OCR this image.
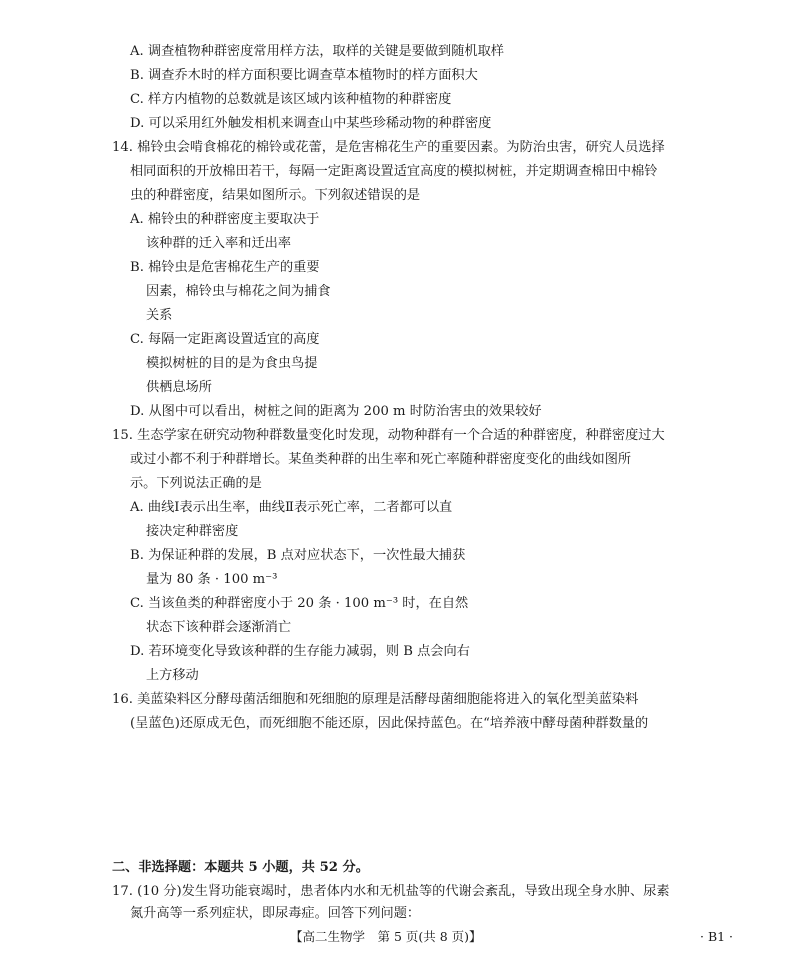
A. 调查植物种群密度常用样方法，取样的关键是要做到随机取样
B. 调查乔木时的样方面积要比调查草本植物时的样方面积大
C. 样方内植物的总数就是该区域内该种植物的种群密度
D. 可以采用红外触发相机来调查山中某些珍稀动物的种群密度
14. 棉铃虫会啃食棉花的棉铃或花蕾，是危害棉花生产的重要因素。为防治虫害，研究人员选择
相同面积的开放棉田若干，每隔一定距离设置适宜高度的模拟树桩，并定期调查棉田中棉铃
虫的种群密度，结果如图所示。下列叙述错误的是
A. 棉铃虫的种群密度主要取决于
该种群的迁入率和迁出率
B. 棉铃虫是危害棉花生产的重要
因素，棉铃虫与棉花之间为捕食
关系
C. 每隔一定距离设置适宜的高度
模拟树桩的目的是为食虫鸟提
供栖息场所
D. 从图中可以看出，树桩之间的距离为 200 m 时防治害虫的效果较好
15. 生态学家在研究动物种群数量变化时发现，动物种群有一个合适的种群密度，种群密度过大
或过小都不利于种群增长。某鱼类种群的出生率和死亡率随种群密度变化的曲线如图所
示。下列说法正确的是
A. 曲线Ⅰ表示出生率，曲线Ⅱ表示死亡率，二者都可以直
接决定种群密度
B. 为保证种群的发展，B 点对应状态下，一次性最大捕获
量为 80 条 · 100 m⁻³
C. 当该鱼类的种群密度小于 20 条 · 100 m⁻³ 时，在自然
状态下该种群会逐渐消亡
D. 若环境变化导致该种群的生存能力减弱，则 B 点会向右
上方移动
16. 美蓝染料区分酵母菌活细胞和死细胞的原理是活酵母菌细胞能将进入的氧化型美蓝染料
(呈蓝色)还原成无色，而死细胞不能还原，因此保持蓝色。在“培养液中酵母菌种群数量的
二、非选择题：本题共 5 小题，共 52 分。
17. (10 分)发生肾功能衰竭时，患者体内水和无机盐等的代谢会紊乱，导致出现全身水肿、尿素
氮升高等一系列症状，即尿毒症。回答下列问题：
【高二生物学　第 5 页(共 8 页)】	· B1 ·
